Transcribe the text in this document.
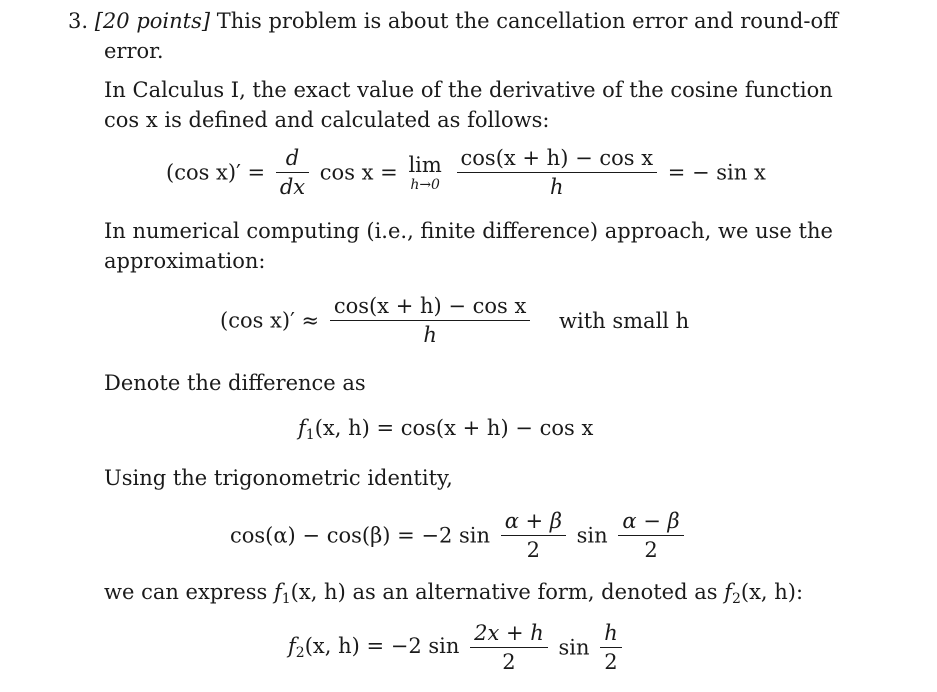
3. [20 points] This problem is about the cancellation error and round-off
error.
In Calculus I, the exact value of the derivative of the cosine function
cos x is defined and calculated as follows:
(cos $x)' = \frac{d}{dx}$ cos x = lim
h→0
$\frac{\text{cos(x + h) − cos x}}{h}$ = − sin x
In numerical computing (i.e., finite difference) approach, we use the
approximation:
(cos $x)' \approx \frac{\text{cos(x + h) − cos x}}{h}$ with small h
Denote the difference as
$f_1(x$, h) = cos(x + h) − cos x
Using the trigonometric identity,
cos(α) − cos(β) = −2 $\sin \frac{\alpha + \beta}{2}$ $\sin \frac{\alpha - \beta}{2}$
we can express $f_1(x$, h) as an alternative form, denoted as $f_2(x$, h):
$f_2(x$, h) = −2 $\sin \frac{2x + h}{2}$ $\sin \frac{h}{2}$
